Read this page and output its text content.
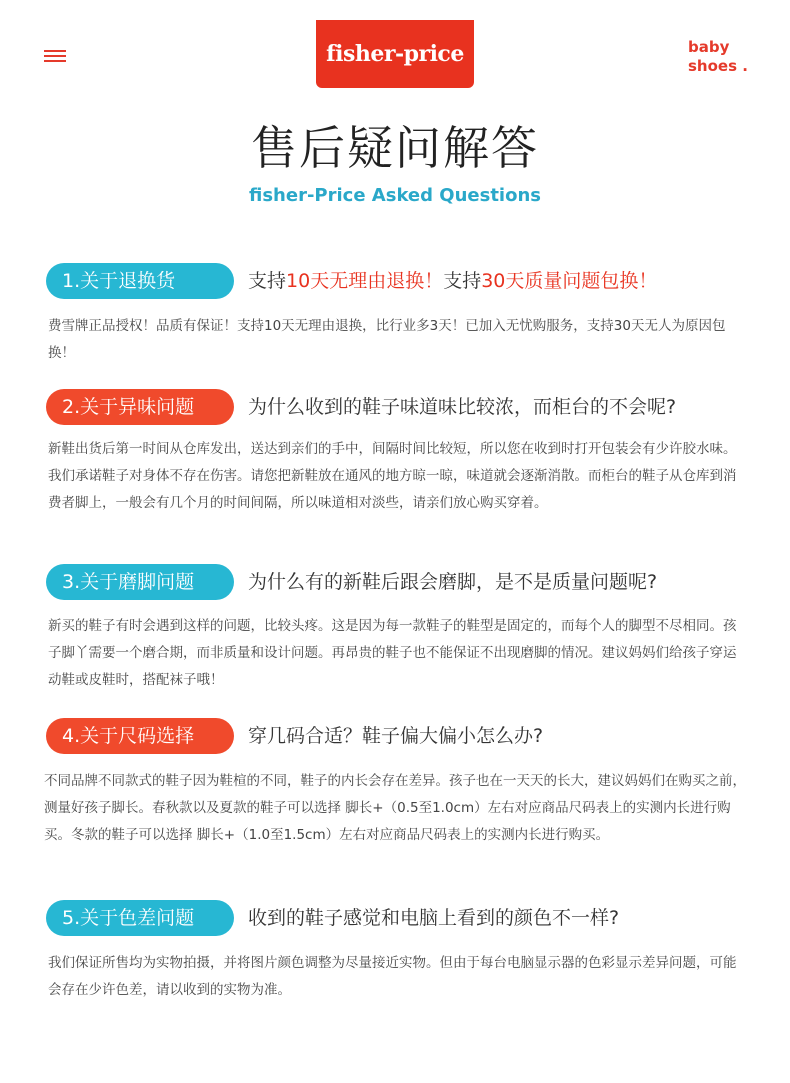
fisher-price	baby
shoes .
售后疑问解答
fisher-Price Asked Questions
1.关于退换货	支持10天无理由退换！支持30天质量问题包换！
费雪牌正品授权！品质有保证！支持10天无理由退换，比行业多3天！已加入无忧购服务，支持30天无人为原因包换！
2.关于异味问题	为什么收到的鞋子味道味比较浓，而柜台的不会呢?
新鞋出货后第一时间从仓库发出，送达到亲们的手中，间隔时间比较短，所以您在收到时打开包装会有少许胶水味。我们承诺鞋子对身体不存在伤害。请您把新鞋放在通风的地方晾一晾，味道就会逐渐消散。而柜台的鞋子从仓库到消费者脚上，一般会有几个月的时间间隔，所以味道相对淡些，请亲们放心购买穿着。
3.关于磨脚问题	为什么有的新鞋后跟会磨脚，是不是质量问题呢?
新买的鞋子有时会遇到这样的问题，比较头疼。这是因为每一款鞋子的鞋型是固定的，而每个人的脚型不尽相同。孩子脚丫需要一个磨合期，而非质量和设计问题。再昂贵的鞋子也不能保证不出现磨脚的情况。建议妈妈们给孩子穿运动鞋或皮鞋时，搭配袜子哦！
4.关于尺码选择	穿几码合适？鞋子偏大偏小怎么办?
不同品牌不同款式的鞋子因为鞋楦的不同，鞋子的内长会存在差异。孩子也在一天天的长大，建议妈妈们在购买之前，测量好孩子脚长。春秋款以及夏款的鞋子可以选择 脚长+（0.5至1.0cm）左右对应商品尺码表上的实测内长进行购买。冬款的鞋子可以选择 脚长+（1.0至1.5cm）左右对应商品尺码表上的实测内长进行购买。
5.关于色差问题	收到的鞋子感觉和电脑上看到的颜色不一样?
我们保证所售均为实物拍摄，并将图片颜色调整为尽量接近实物。但由于每台电脑显示器的色彩显示差异问题，可能会存在少许色差，请以收到的实物为准。
